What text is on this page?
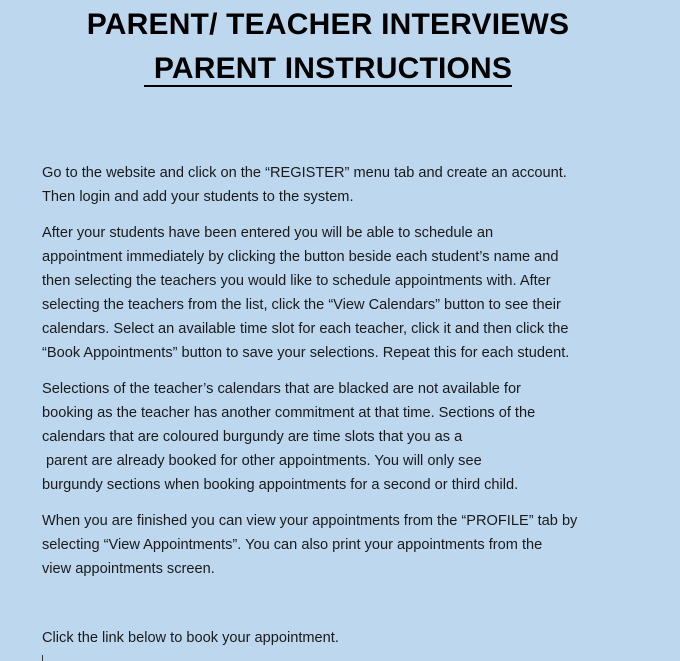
PARENT/ TEACHER INTERVIEWS
PARENT INSTRUCTIONS
Go to the website and click on the “REGISTER” menu tab and create an account.
Then login and add your students to the system.
After your students have been entered you will be able to schedule an
appointment immediately by clicking the button beside each student’s name and
then selecting the teachers you would like to schedule appointments with. After
selecting the teachers from the list, click the “View Calendars” button to see their
calendars. Select an available time slot for each teacher, click it and then click the
“Book Appointments” button to save your selections. Repeat this for each student.
Selections of the teacher’s calendars that are blacked are not available for
booking as the teacher has another commitment at that time. Sections of the
calendars that are coloured burgundy are time slots that you as a
parent are already booked for other appointments. You will only see
burgundy sections when booking appointments for a second or third child.
When you are finished you can view your appointments from the “PROFILE” tab by
selecting “View Appointments”. You can also print your appointments from the
view appointments screen.
Click the link below to book your appointment.
